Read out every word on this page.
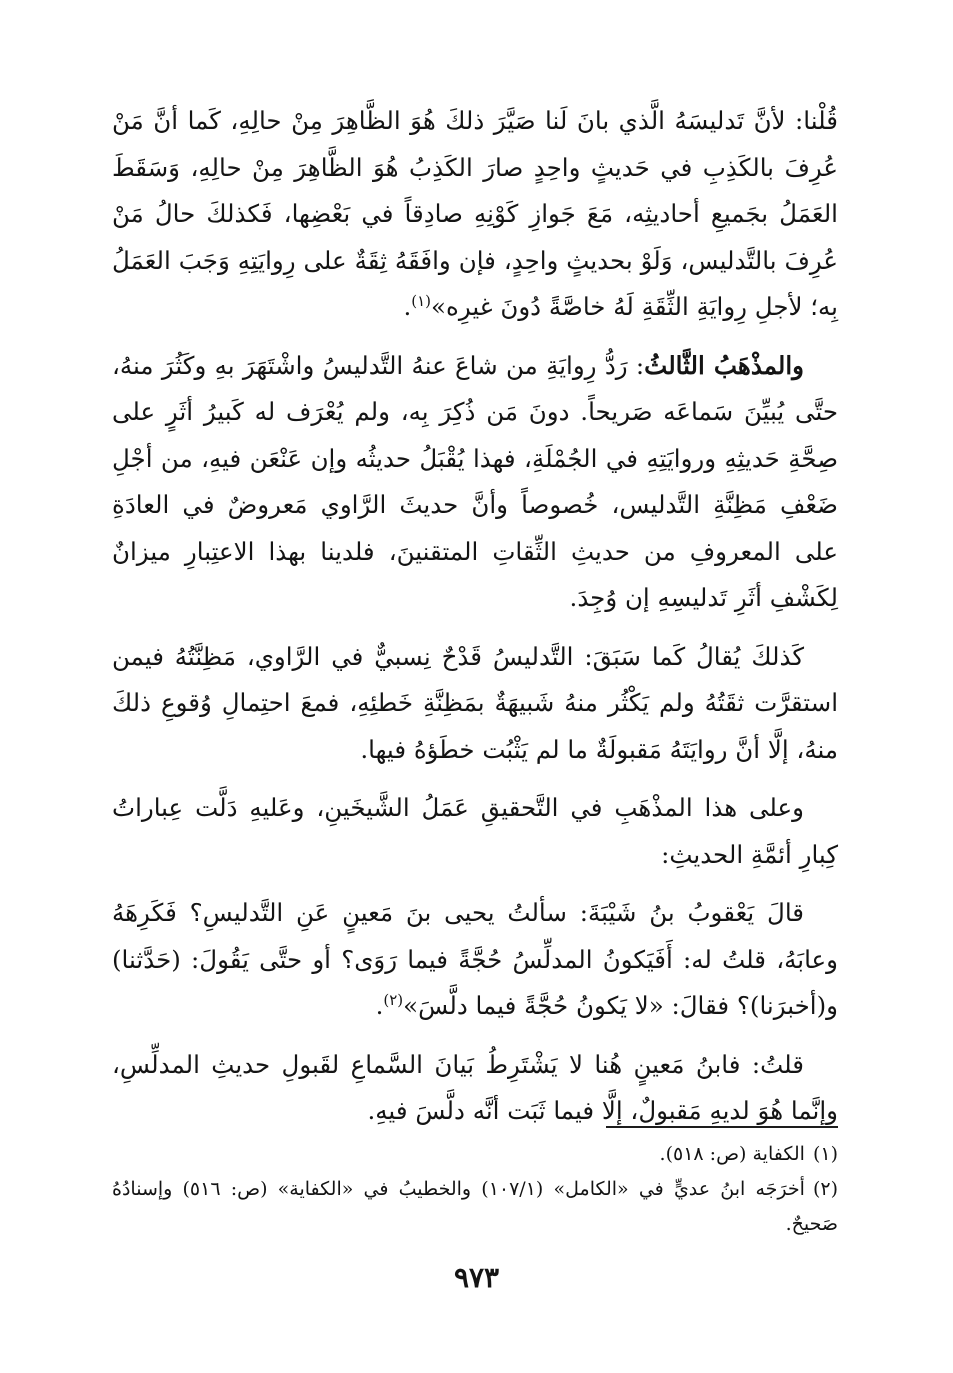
قُلْنا: لأنَّ تَدليسَهُ الَّذي بانَ لَنا صَيَّرَ ذلكَ هُوَ الظَّاهِرَ مِنْ حالِهِ، كَما أنَّ مَنْ عُرِفَ بالكَذِبِ في حَديثٍ واحِدٍ صارَ الكَذِبُ هُوَ الظَّاهِرَ مِنْ حالِهِ، وَسَقَطَ العَمَلُ بجَميعِ أحاديثِه، مَعَ جَوازِ كَوْنِهِ صادِقاً في بَعْضِها، فَكذلكَ حالُ مَنْ عُرِفَ بالتَّدليس، وَلَوْ بحديثٍ واحِدٍ، فإن وافَقَهُ ثِقَةٌ على رِوايَتِهِ وَجَبَ العَمَلُ بِه؛ لأجلِ رِوايَةِ الثِّقَةِ لَهُ خاصَّةً دُونَ غيرِه»$^{(١)}$.

والمذْهَبُ الثَّالثُ: رَدُّ رِوايَةِ من شاعَ عنهُ التَّدليسُ واشْتَهَرَ بهِ وكَثُرَ منهُ، حتَّى يُبيِّنَ سَماعَه صَريحاً. دونَ مَن ذُكِرَ بِه، ولم يُعْرَف له كَبيرُ أثَرٍ على صِحَّةِ حَديثِهِ وروايَتِهِ في الجُمْلَةِ، فهذا يُقْبَلُ حديثُه وإن عَنْعَن فيهِ، من أجْلِ ضَعْفِ مَظِنَّةِ التَّدليس، خُصوصاً وأنَّ حديثَ الرَّاوي مَعروضٌ في العادَةِ على المعروفِ من حديثِ الثِّقاتِ المتقنينَ، فلدينا بهذا الاعتِبارِ ميزانٌ لِكَشْفِ أثَرِ تَدليسِهِ إن وُجِدَ.

كَذلكَ يُقالُ كَما سَبَقَ: التَّدليسُ قَدْحٌ نِسبيٌّ في الرَّاوي، مَظِنَّتُهُ فيمن استقرَّت ثقَتُهُ ولم يَكْثُر منهُ شَبيهَةٌ بمَظِنَّةِ خَطئِهِ، فمعَ احتِمالِ وُقوعِ ذلكَ منهُ، إلَّا أنَّ روايَتَهُ مَقبولَةٌ ما لم يَثْبُت خطَؤهُ فيها.

وعلى هذا المذْهَبِ في التَّحقيقِ عَمَلُ الشَّيخَينِ، وعَليهِ دَلَّت عِباراتُ كِبارِ أئمَّةِ الحديثِ:

قالَ يَعْقوبُ بنُ شَيْبَةَ: سألتُ يحيى بنَ مَعينٍ عَنِ التَّدليسِ؟ فَكَرِهَهُ وعابَهُ، قلتُ له: أَفَيَكونُ المدلِّسُ حُجَّةً فيما رَوَى؟ أو حتَّى يَقُولَ: (حَدَّثنا) و(أخبرَنا)؟ فقالَ: «لا يَكونُ حُجَّةً فيما دلَّسَ»$^{(٢)}$.

قلتُ: فابنُ مَعينٍ هُنا لا يَشْتَرِطُ بَيانَ السَّماعِ لقَبولِ حديثِ المدلِّسِ، وإنَّما هُوَ لديهِ مَقبولٌ، إلَّا فيما ثَبَت أنَّه دلَّسَ فيهِ.

(١)الكفاية (ص: ٥١٨).

(٢)أخرَجَه ابنُ عديٍّ في «الكامل» (١٠٧/١) والخطيبُ في «الكفاية» (ص: ٥١٦) وإسنادُهُ صَحيحٌ.

٩٧٣
